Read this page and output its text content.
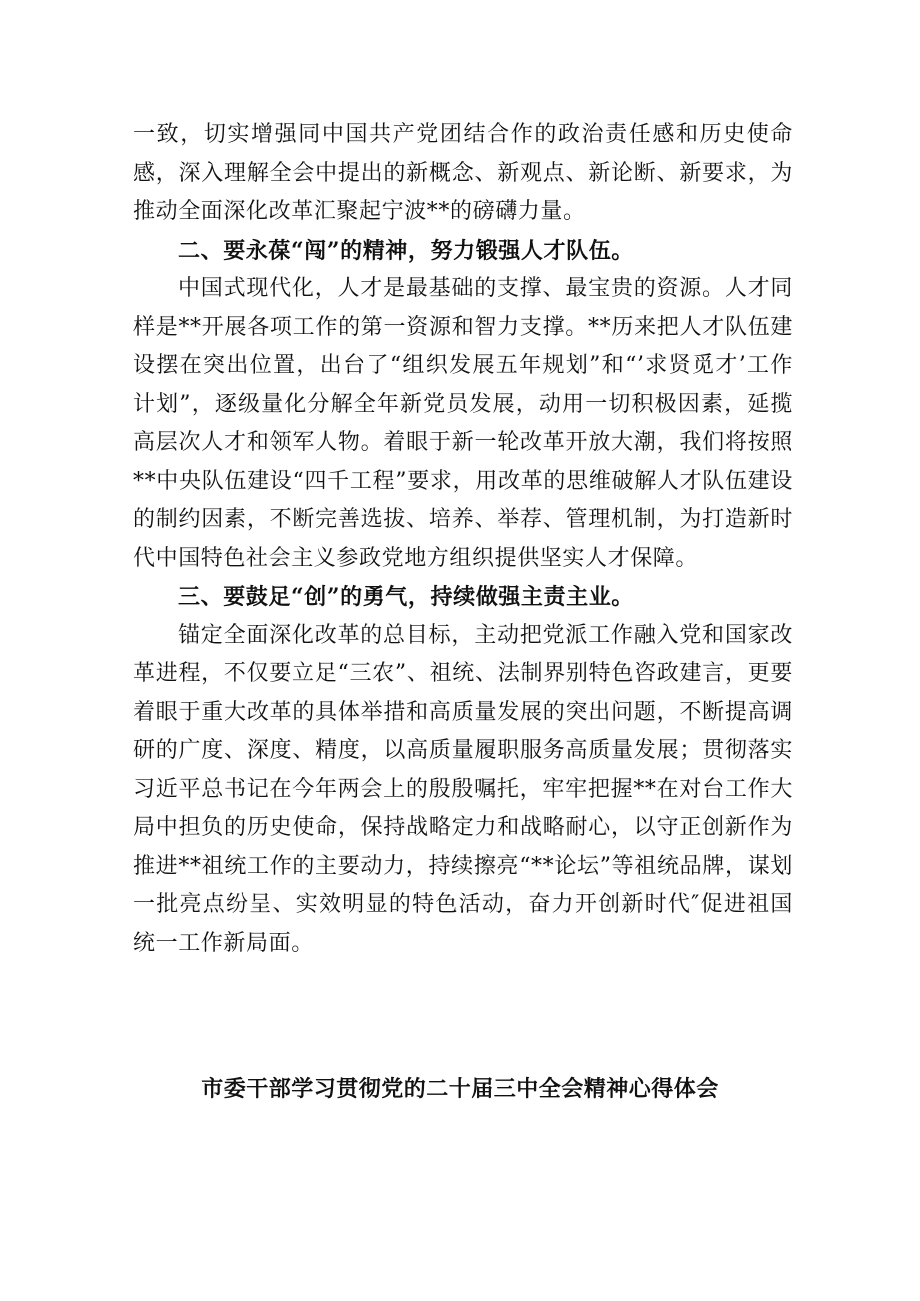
一致，切实增强同中国共产党团结合作的政治责任感和历史使命感，深入理解全会中提出的新概念、新观点、新论断、新要求，为推动全面深化改革汇聚起宁波**的磅礴力量。

二、要永葆“闯”的精神，努力锻强人才队伍。

中国式现代化，人才是最基础的支撑、最宝贵的资源。人才同样是**开展各项工作的第一资源和智力支撑。**历来把人才队伍建设摆在突出位置，出台了“组织发展五年规划”和“’求贤觅才’工作计划”，逐级量化分解全年新党员发展，动用一切积极因素，延揽高层次人才和领军人物。着眼于新一轮改革开放大潮，我们将按照**中央队伍建设“四千工程”要求，用改革的思维破解人才队伍建设的制约因素，不断完善选拔、培养、举荐、管理机制，为打造新时代中国特色社会主义参政党地方组织提供坚实人才保障。

三、要鼓足“创”的勇气，持续做强主责主业。

锚定全面深化改革的总目标，主动把党派工作融入党和国家改革进程，不仅要立足“三农”、祖统、法制界别特色咨政建言，更要着眼于重大改革的具体举措和高质量发展的突出问题，不断提高调研的广度、深度、精度，以高质量履职服务高质量发展；贯彻落实习近平总书记在今年两会上的殷殷嘱托，牢牢把握**在对台工作大局中担负的历史使命，保持战略定力和战略耐心，以守正创新作为推进**祖统工作的主要动力，持续擦亮“**论坛”等祖统品牌，谋划一批亮点纷呈、实效明显的特色活动，奋力开创新时代″促进祖国统一工作新局面。

市委干部学习贯彻党的二十届三中全会精神心得体会
